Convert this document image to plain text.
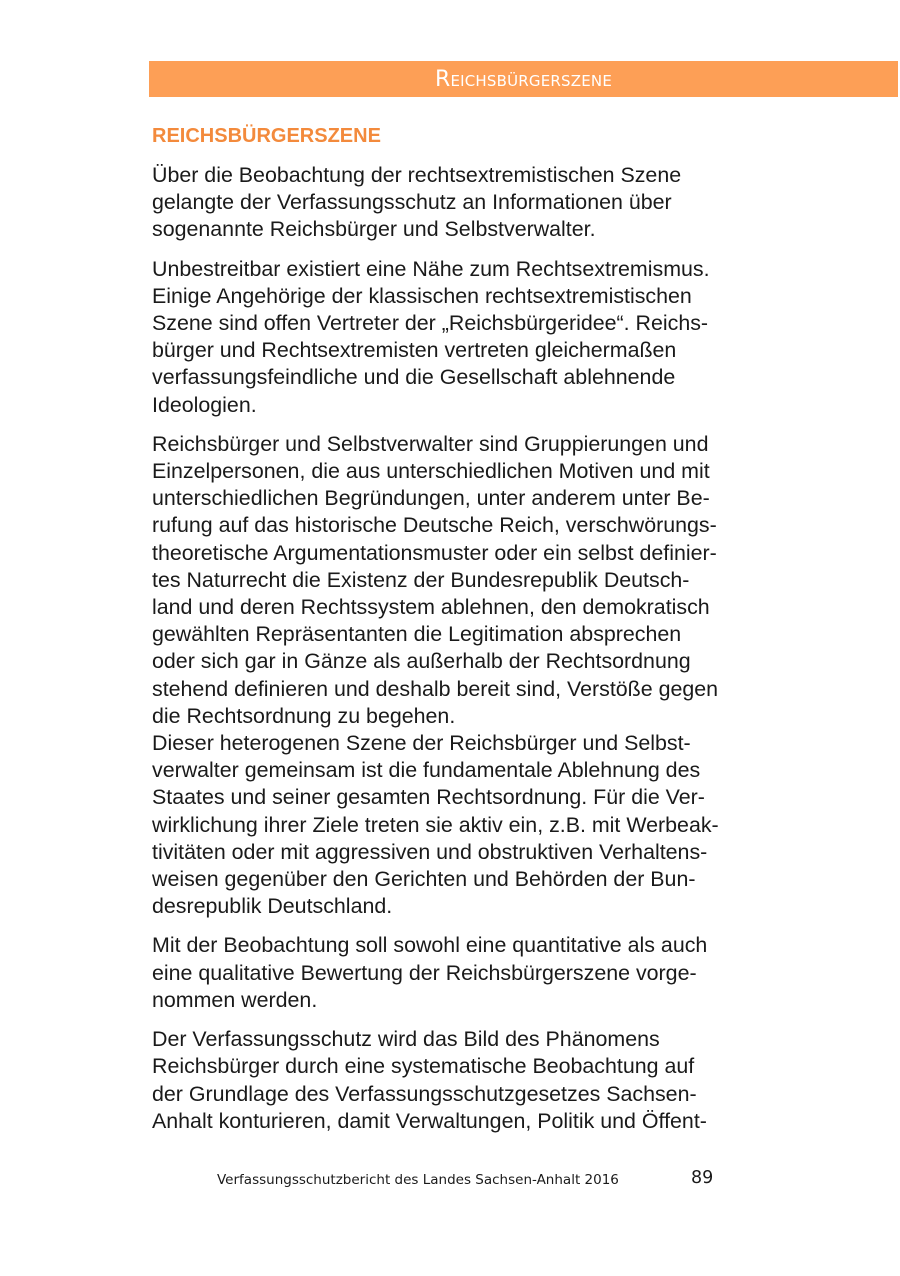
Reichsbürgerszene
REICHSBÜRGERSZENE

Über die Beobachtung der rechtsextremistischen Szene
gelangte der Verfassungsschutz an Informationen über
sogenannte Reichsbürger und Selbstverwalter.

Unbestreitbar existiert eine Nähe zum Rechtsextremismus.
Einige Angehörige der klassischen rechtsextremistischen
Szene sind offen Vertreter der „Reichsbürgeridee“. Reichs-
bürger und Rechtsextremisten vertreten gleichermaßen
verfassungsfeindliche und die Gesellschaft ablehnende
Ideologien.

Reichsbürger und Selbstverwalter sind Gruppierungen und
Einzelpersonen, die aus unterschiedlichen Motiven und mit
unterschiedlichen Begründungen, unter anderem unter Be-
rufung auf das historische Deutsche Reich, verschwörungs-
theoretische Argumentationsmuster oder ein selbst definier-
tes Naturrecht die Existenz der Bundesrepublik Deutsch-
land und deren Rechtssystem ablehnen, den demokratisch
gewählten Repräsentanten die Legitimation absprechen
oder sich gar in Gänze als außerhalb der Rechtsordnung
stehend definieren und deshalb bereit sind, Verstöße gegen
die Rechtsordnung zu begehen.

Dieser heterogenen Szene der Reichsbürger und Selbst-
verwalter gemeinsam ist die fundamentale Ablehnung des
Staates und seiner gesamten Rechtsordnung. Für die Ver-
wirklichung ihrer Ziele treten sie aktiv ein, z.B. mit Werbeak-
tivitäten oder mit aggressiven und obstruktiven Verhaltens-
weisen gegenüber den Gerichten und Behörden der Bun-
desrepublik Deutschland.

Mit der Beobachtung soll sowohl eine quantitative als auch
eine qualitative Bewertung der Reichsbürgerszene vorge-
nommen werden.

Der Verfassungsschutz wird das Bild des Phänomens
Reichsbürger durch eine systematische Beobachtung auf
der Grundlage des Verfassungsschutzgesetzes Sachsen-
Anhalt konturieren, damit Verwaltungen, Politik und Öffent-

Verfassungsschutzbericht des Landes Sachsen-Anhalt 2016	89
